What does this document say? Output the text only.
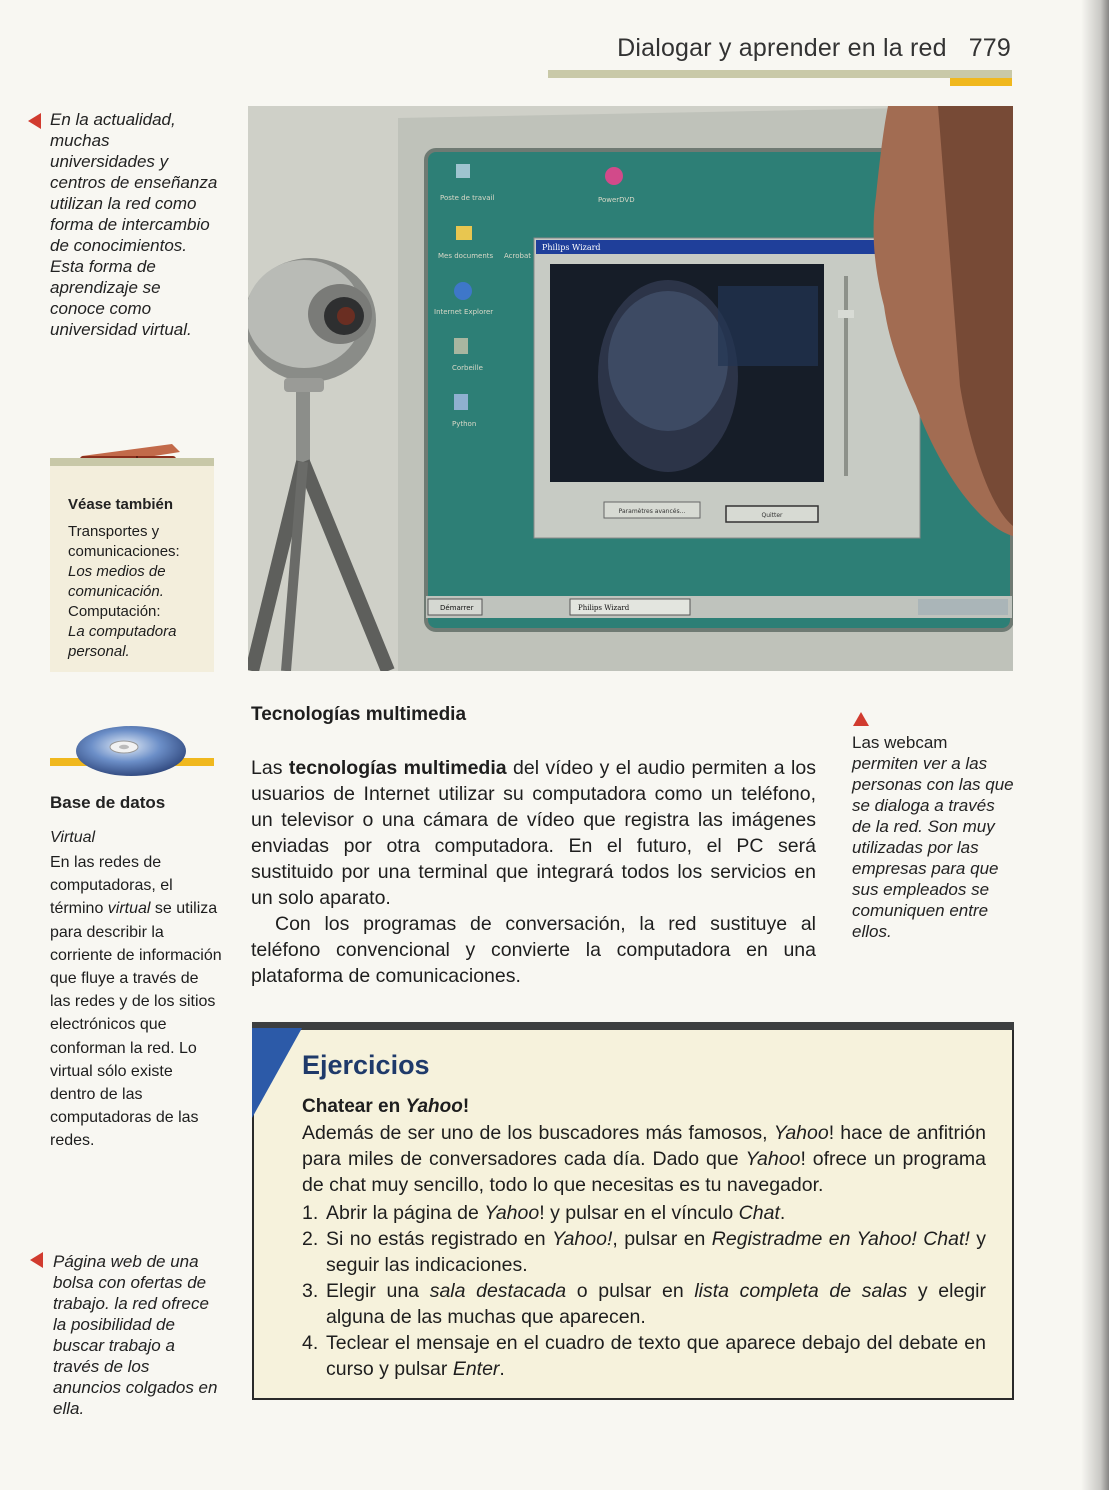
Dialogar y aprender en la red 779
En la actualidad, muchas universidades y centros de enseñanza utilizan la red como forma de intercambio de conocimientos. Esta forma de aprendizaje se conoce como universidad virtual.
Véase también
Transportes y comunicaciones:
Los medios de comunicación.
Computación:
La computadora personal.
Base de datos
Virtual
En las redes de computadoras, el término virtual se utiliza para describir la corriente de información que fluye a través de las redes y de los sitios electrónicos que conforman la red. Lo virtual sólo existe dentro de las computadoras de las redes.
Página web de una bolsa con ofertas de trabajo. la red ofrece la posibilidad de buscar trabajo a través de los anuncios colgados en ella.
Poste de travail
Mes documents
Internet Explorer
Corbeille
Python
Acrobat
PowerDVD
Philips Wizard
Paramètres avancés...
Quitter
Démarrer	Philips Wizard
Las webcam permiten ver a las personas con las que se dialoga a través de la red. Son muy utilizadas por las empresas para que sus empleados se comuniquen entre ellos.
Tecnologías multimedia

Las tecnologías multimedia del vídeo y el audio permiten a los usuarios de Internet utilizar su computadora como un teléfono, un televisor o una cámara de vídeo que registra las imágenes enviadas por otra computadora. En el futuro, el PC será sustituido por una terminal que integrará todos los servicios en un solo aparato.

Con los programas de conversación, la red sustituye al teléfono convencional y convierte la computadora en una plataforma de comunicaciones.

Ejercicios
Chatear en Yahoo!
Además de ser uno de los buscadores más famosos, Yahoo! hace de anfitrión para miles de conversadores cada día. Dado que Yahoo! ofrece un programa de chat muy sencillo, todo lo que necesitas es tu navegador.
1. Abrir la página de Yahoo! y pulsar en el vínculo Chat.
2. Si no estás registrado en Yahoo!, pulsar en Registradme en Yahoo! Chat! y seguir las indicaciones.
3. Elegir una sala destacada o pulsar en lista completa de salas y elegir alguna de las muchas que aparecen.
4. Teclear el mensaje en el cuadro de texto que aparece debajo del debate en curso y pulsar Enter.
